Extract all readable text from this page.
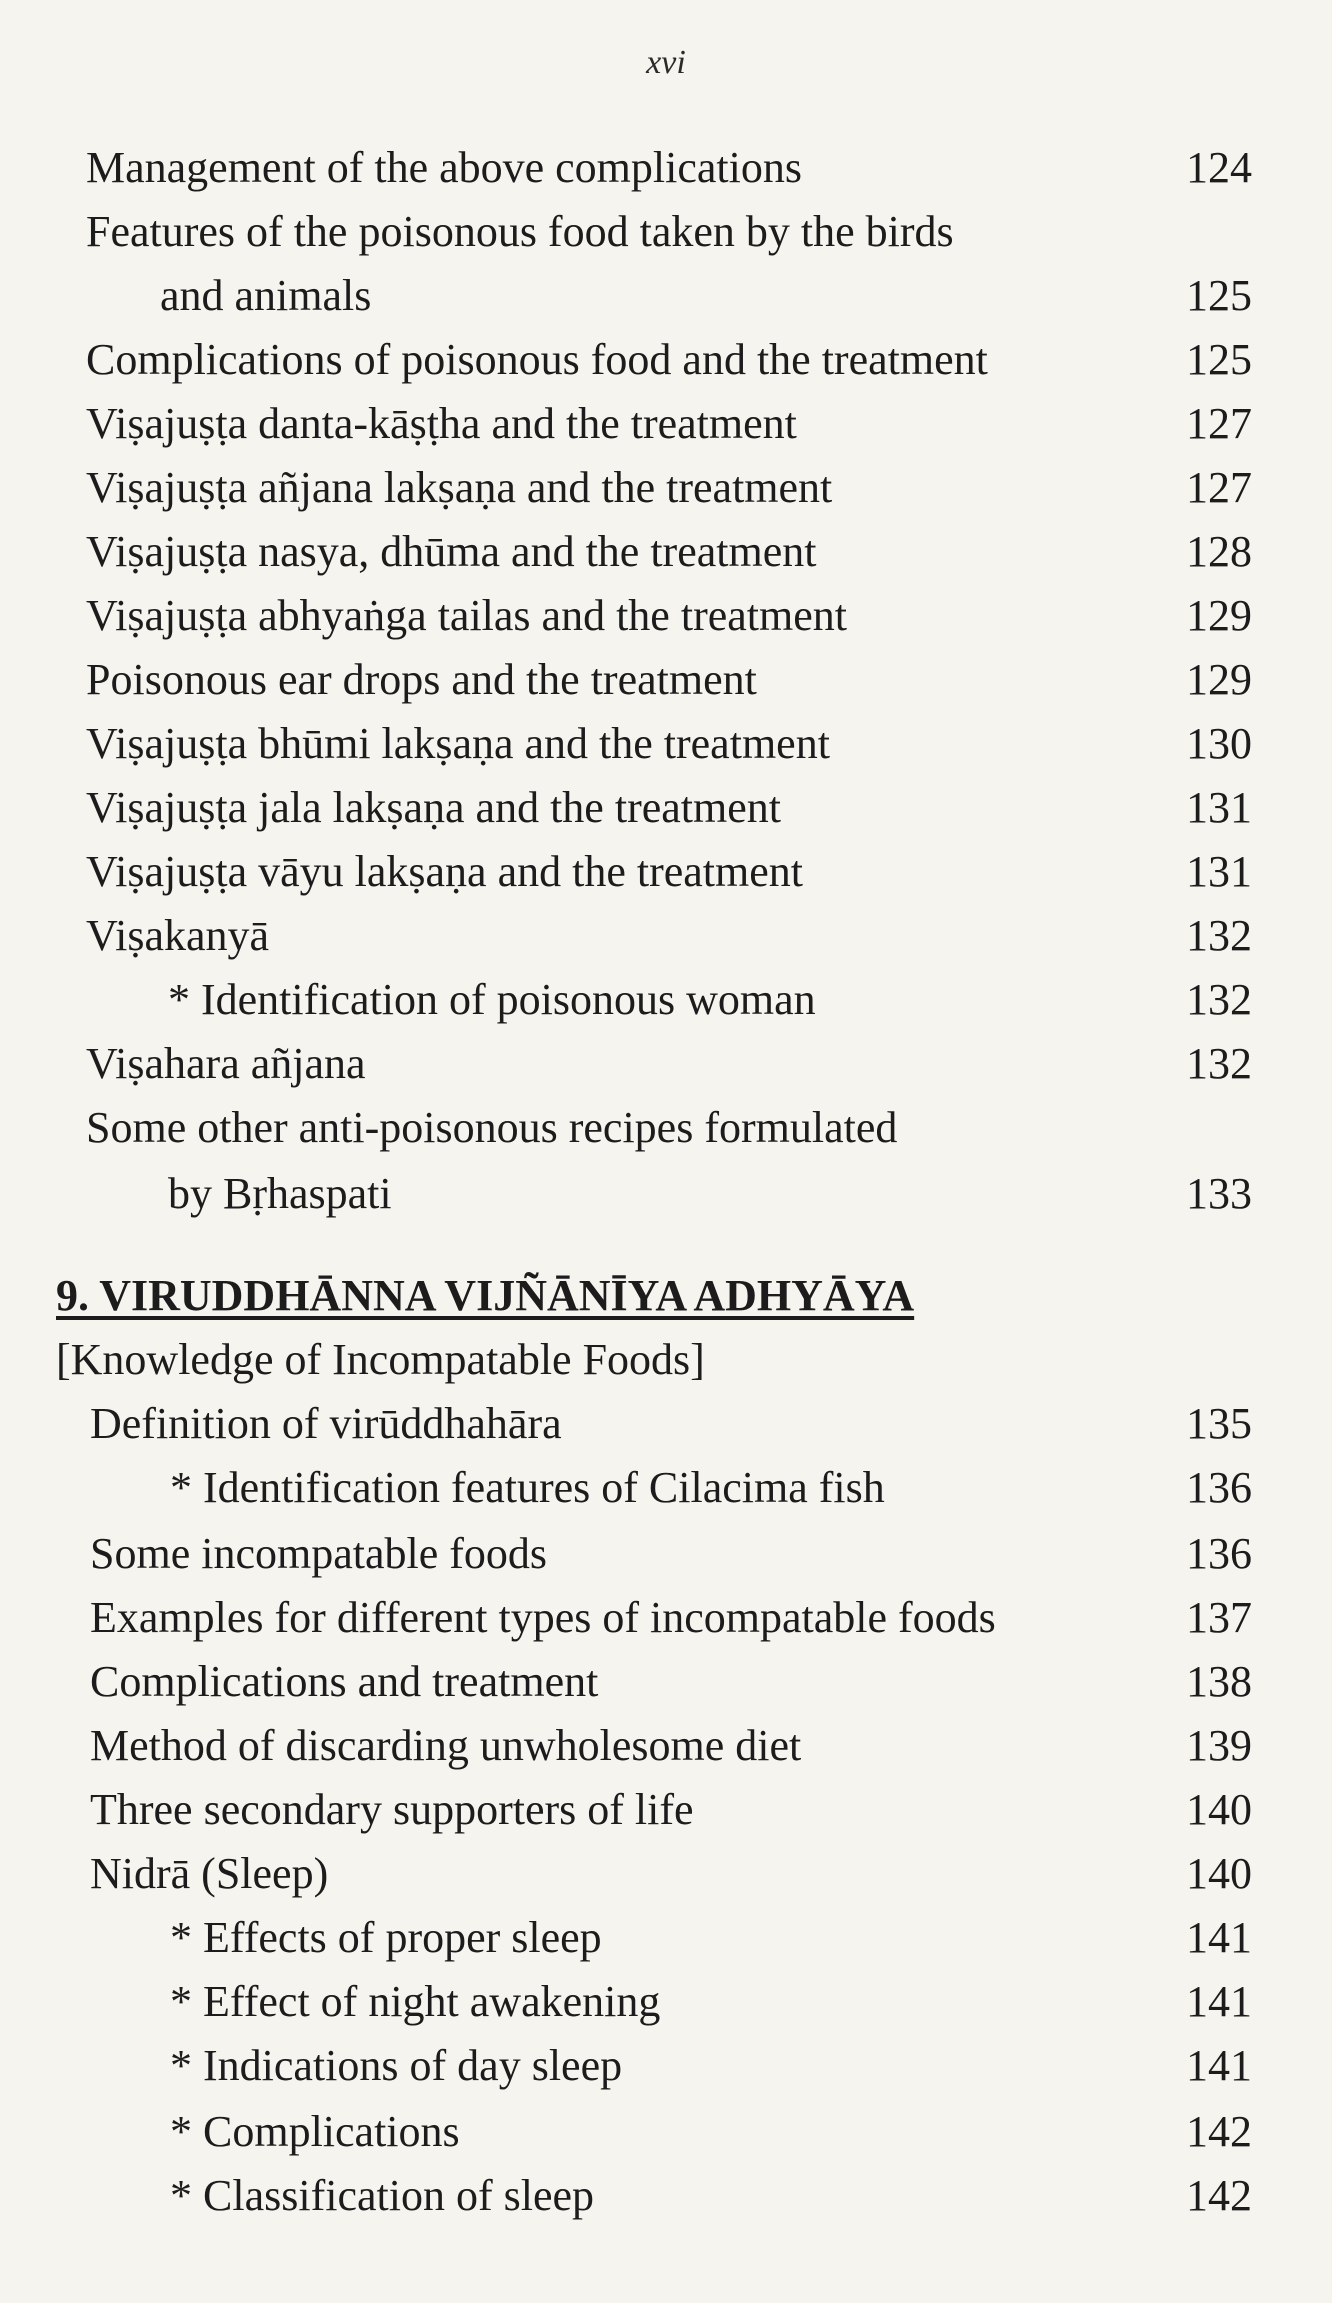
xvi
Management of the above complications	124
Features of the poisonous food taken by the birds
and animals	125
Complications of poisonous food and the treatment	125
Viṣajuṣṭa danta-kāṣṭha and the treatment	127
Viṣajuṣṭa añjana lakṣaṇa and the treatment	127
Viṣajuṣṭa nasya, dhūma and the treatment	128
Viṣajuṣṭa abhyaṅga tailas and the treatment	129
Poisonous ear drops and the treatment	129
Viṣajuṣṭa bhūmi lakṣaṇa and the treatment	130
Viṣajuṣṭa jala lakṣaṇa and the treatment	131
Viṣajuṣṭa vāyu lakṣaṇa and the treatment	131
Viṣakanyā	132
* Identification of poisonous woman	132
Viṣahara añjana	132
Some other anti-poisonous recipes formulated
by Bṛhaspati	133
9. VIRUDDHĀNNA VIJÑĀNĪYA ADHYĀYA
[Knowledge of Incompatable Foods]
Definition of virūddhahāra	135
* Identification features of Cilacima fish	136
Some incompatable foods	136
Examples for different types of incompatable foods	137
Complications and treatment	138
Method of discarding unwholesome diet	139
Three secondary supporters of life	140
Nidrā (Sleep)	140
* Effects of proper sleep	141
* Effect of night awakening	141
* Indications of day sleep	141
* Complications	142
* Classification of sleep	142
